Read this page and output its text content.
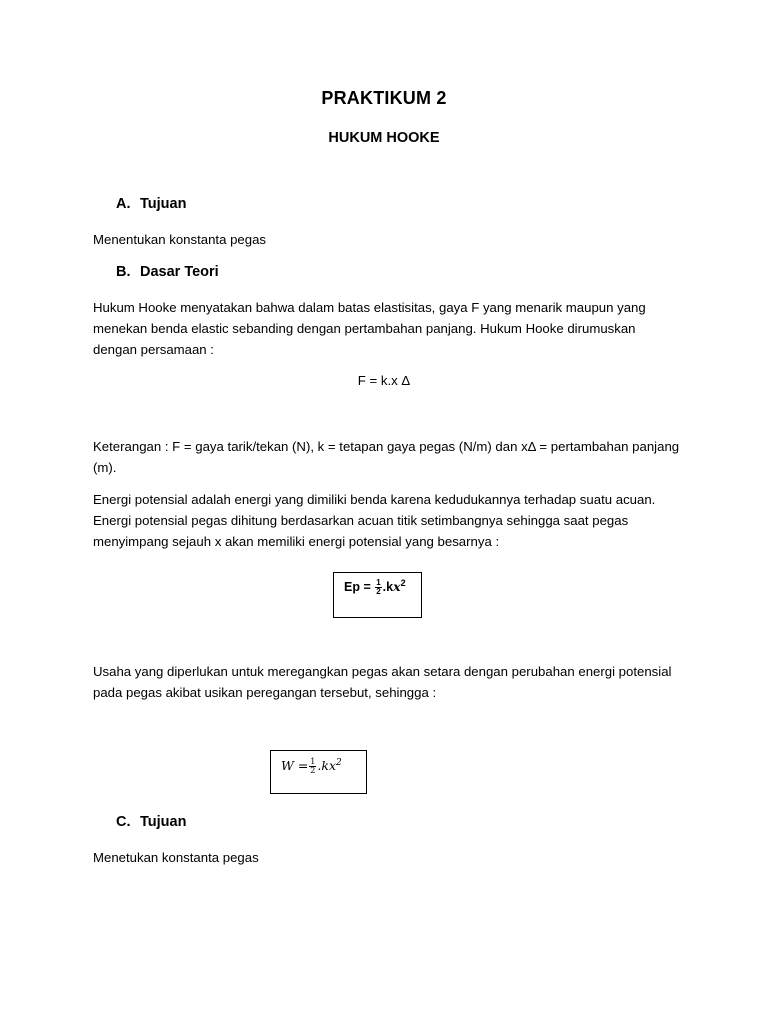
PRAKTIKUM 2
HUKUM HOOKE
A. Tujuan
Menentukan konstanta pegas
B. Dasar Teori
Hukum Hooke menyatakan bahwa dalam batas elastisitas, gaya F yang menarik maupun yang menekan benda elastic sebanding dengan pertambahan panjang. Hukum Hooke dirumuskan dengan persamaan :
F = k.x Δ
Keterangan : F = gaya tarik/tekan (N), k = tetapan gaya pegas (N/m) dan xΔ = pertambahan panjang (m).
Energi potensial adalah energi yang dimiliki benda karena kedudukannya terhadap suatu acuan. Energi potensial pegas dihitung berdasarkan acuan titik setimbangnya sehingga saat pegas menyimpang sejauh x akan memiliki energi potensial yang besarnya :
$Ep = \frac{1}{2} .kx^2$
Usaha yang diperlukan untuk meregangkan pegas akan setara dengan perubahan energi potensial pada pegas akibat usikan peregangan tersebut, sehingga :
$W = \frac{1}{2} .kx^2$
C. Tujuan
Menetukan konstanta pegas
